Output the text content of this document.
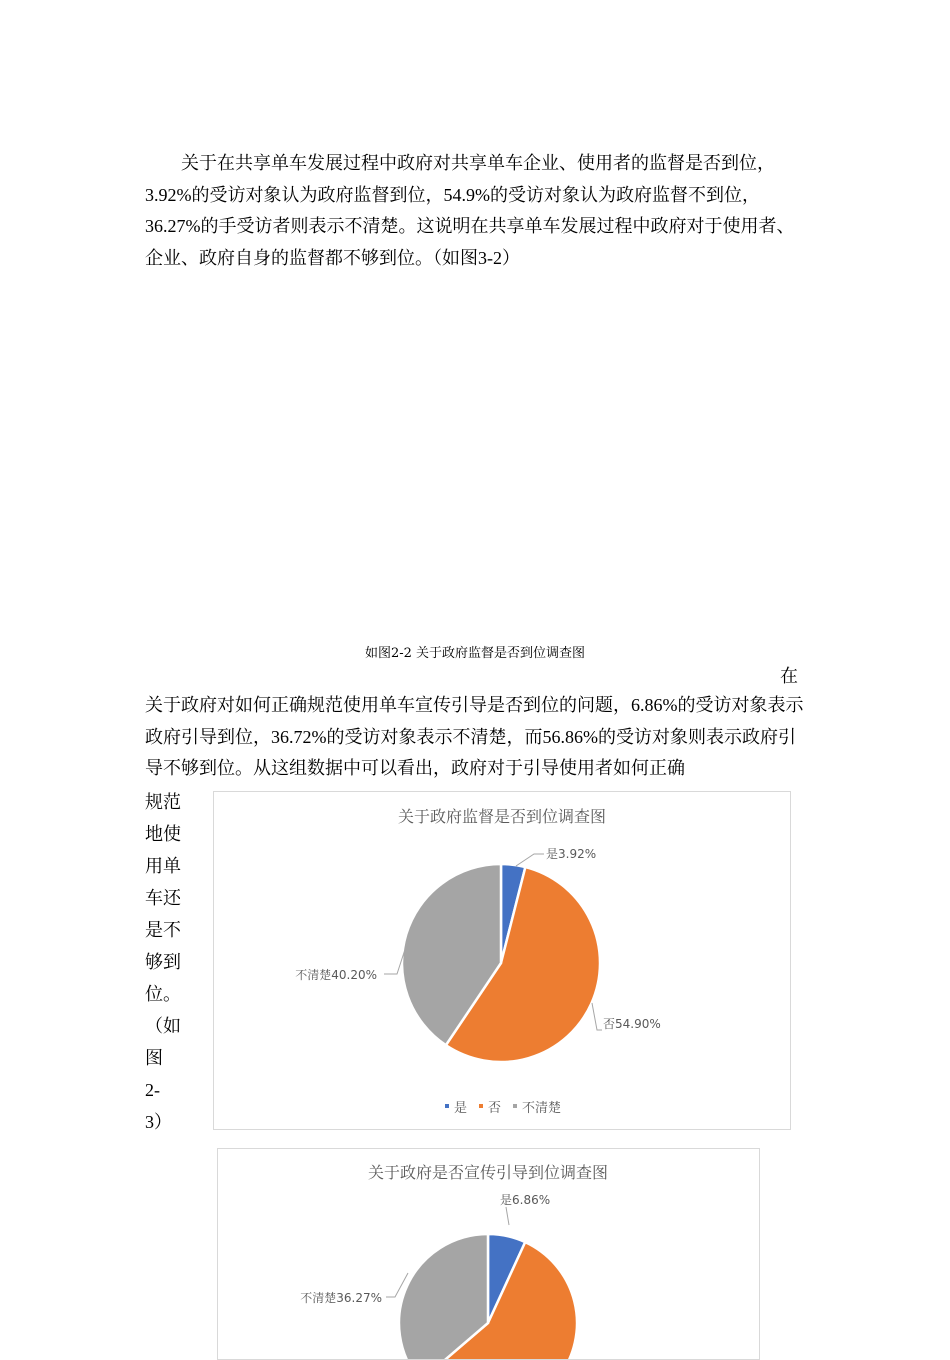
关于在共享单车发展过程中政府对共享单车企业、使用者的监督是否到位，3.92%的受访对象认为政府监督到位，54.9%的受访对象认为政府监督不到位，36.27%的手受访者则表示不清楚。这说明在共享单车发展过程中政府对于使用者、企业、政府自身的监督都不够到位。（如图3-2）

如图2-2 关于政府监督是否到位调查图
在

关于政府对如何正确规范使用单车宣传引导是否到位的问题，6.86%的受访对象表示政府引导到位，36.72%的受访对象表示不清楚，而56.86%的受访对象则表示政府引导不够到位。从这组数据中可以看出，政府对于引导使用者如何正确

规范
地使
用单
车还
是不
够到
位。
（如
图
2-
3）
关于政府监督是否到位调查图
是3.92%
否54.90%
不清楚40.20%
是 否 不清楚
关于政府是否宣传引导到位调查图
是6.86%
不清楚36.27%
